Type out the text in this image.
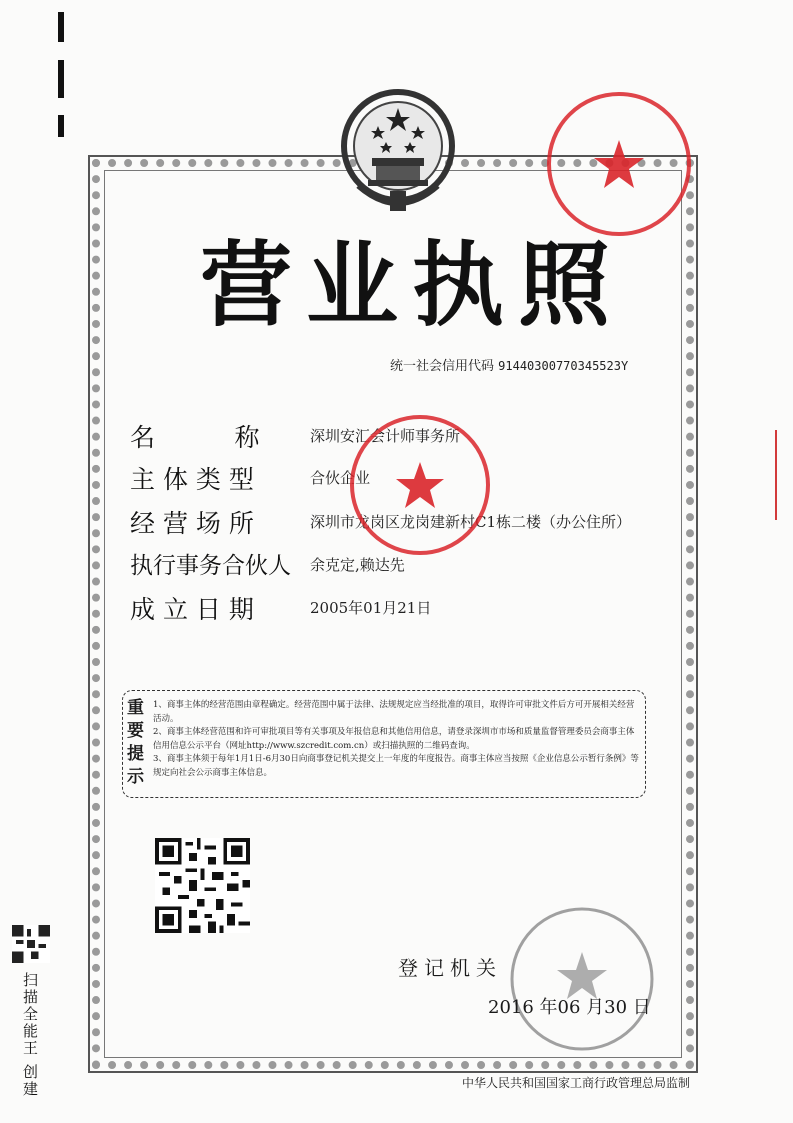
营业执照
统一社会信用代码 91440300770345523Y
名          称	深圳安汇会计师事务所
主 体 类 型	合伙企业
经 营 场 所	深圳市龙岗区龙岗建新村C1栋二楼（办公住所）
执行事务合伙人 余克定,赖达先
成 立 日 期	2005年01月21日
重要提示
1、商事主体的经营范围由章程确定。经营范围中属于法律、法规规定应当经批准的项目，取得许可审批文件后方可开展相关经营活动。
2、商事主体经营范围和许可审批项目等有关事项及年报信息和其他信用信息，请登录深圳市市场和质量监督管理委员会商事主体信用信息公示平台（网址http://www.szcredit.com.cn）或扫描执照的二维码查询。
3、商事主体须于每年1月1日-6月30日向商事登记机关提交上一年度的年度报告。商事主体应当按照《企业信息公示暂行条例》等规定向社会公示商事主体信息。
登记机关
2016 年06 月30 日
中华人民共和国国家工商行政管理总局监制
扫描全能王 创建
